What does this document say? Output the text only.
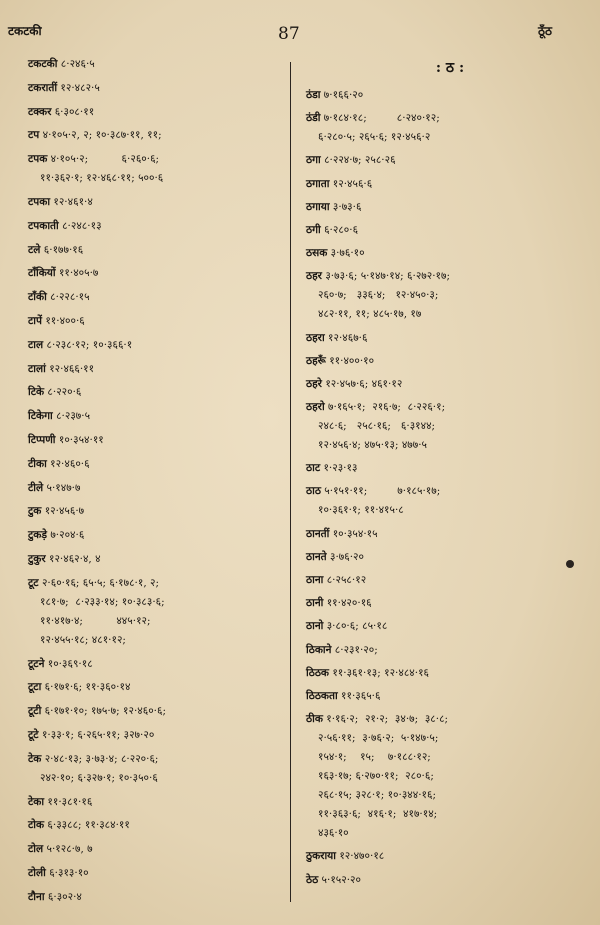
टकटकी	87	ठूँठ
टकटकी ८·२४६·५
टकरातीं १२·४८२·५
टक्कर ६·३०८·११
टप ४·१०५·२, २; १०·३८७·११, ११;
टपक ४·१०५·२;          ६·२६०·६;
११·३६२·१; १२·४६८·११; ५००·६
टपका १२·४६१·४
टपकाती ८·२४८·१३
टले ६·१७७·१६
टाँकियों ११·४०५·७
टाँकी ८·२२८·१५
टापें ११·४००·६
टाल ८·२३८·१२; १०·३६६·१
टालां १२·४६६·११
टिके ८·२२०·६
टिकेगा ८·२३७·५
टिप्पणी १०·३५४·११
टीका १२·४६०·६
टीले ५·१४७·७
टुक १२·४५६·७
टुकड़े ७·२०४·६
टुकुर १२·४६२·४, ४
टूट २·६०·१६; ६५·५; ६·१७८·१, २;
१८१·७;  ८·२३३·१४; १०·३८३·६;
११·४१७·४;          ४४५·१२;
१२·४५५·१८; ४८१·१२;
टूटने १०·३६९·१८
टूटा ६·१७१·६; ११·३६०·१४
टूटी ६·१७१·१०; १७५·७; १२·४६०·६;
टूटे १·३३·१; ६·२६५·११; ३२७·२०
टेक २·४८·१३; ३·७३·४; ८·२२०·६;
२४२·१०; ६·३२७·१; १०·३५०·६
टेका ११·३८१·१६
टोक ६·३३८८; ११·३८४·११
टोल ५·१२८·७, ७
टोली ६·३१३·१०
टौना ६·३०२·४
: ठ :
ठंडा ७·१६६·२०
ठंडी ७·१८४·१८;         ८·२४०·१२;
६·२८०·५; २६५·६; १२·४५६·२
ठगा ८·२२४·७; २५८·२६
ठगाता १२·४५६·६
ठगाया ३·७३·६
ठगी ६·२८०·६
ठसक ३·७६·१०
ठहर ३·७३·६; ५·१४७·१४; ६·२७२·१७;
२६०·७;   ३३६·४;   १२·४५०·३;
४८२·११, ११; ४८५·१७, १७
ठहरा १२·४६७·६
ठहरूँ ११·४००·१०
ठहरे १२·४५७·६; ४६१·१२
ठहरो ७·१६५·१;  २१६·७;  ८·२२६·१;
२४८·६;   २५८·१६;   ६·३१४४;
१२·४५६·४; ४७५·१३; ४७७·५
ठाट १·२३·१३
ठाठ ५·१५१·११;         ७·१८५·१७;
१०·३६१·१; ११·४१५·८
ठानतीं १०·३५४·१५
ठानते ३·७६·२०
ठाना ८·२५८·१२
ठानी ११·४२०·१६
ठानो ३·८०·६; ८५·१८
ठिकाने ८·२३१·२०;
ठिठक ११·३६१·१३; १२·४८४·१६
ठिठकता ११·३६५·६
ठीक १·१६·२;  २१·२;  ३४·७;  ३८·८;
२·५६·११;  ३·७६·२;  ५·१४७·५;
१५४·१;    १५;    ७·१८८·१२;
१६३·१७; ६·२७०·११;  २८०·६;
२६८·१५; ३२८·१; १०·३४४·१६;
११·३६३·६;  ४१६·१;  ४१७·१४;
४३६·१०
ठुकराया १२·४७०·१८
ठेठ ५·१५२·२०
